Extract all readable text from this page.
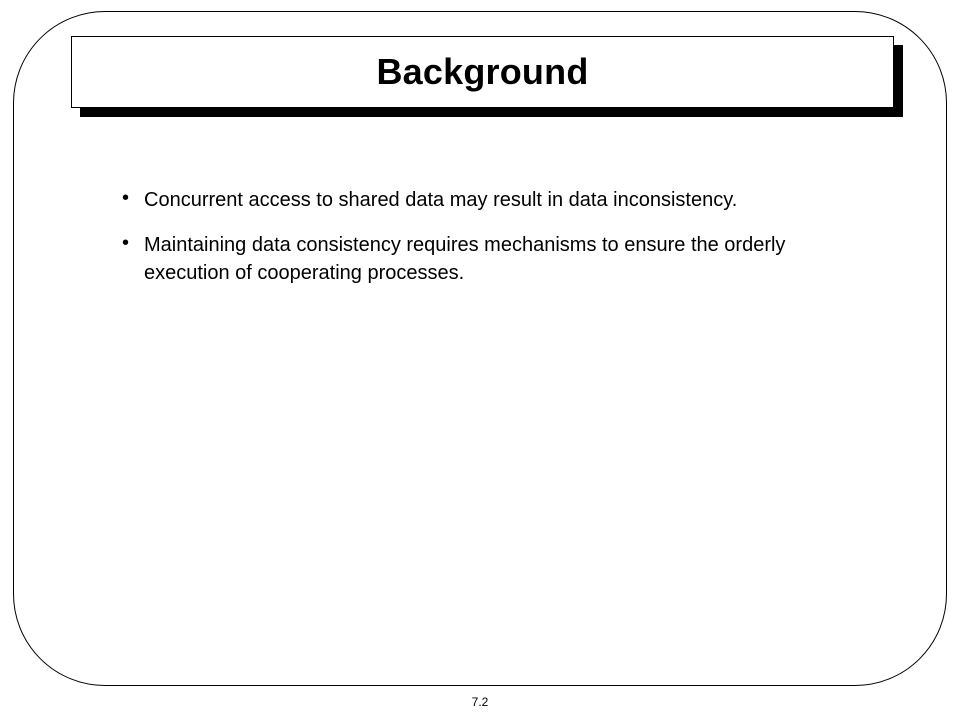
Background
• Concurrent access to shared data may result in data inconsistency.
• Maintaining data consistency requires mechanisms to ensure the orderly execution of cooperating processes.
7.2
